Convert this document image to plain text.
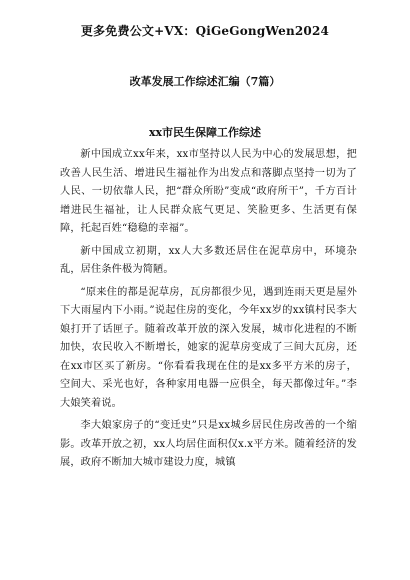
更多免费公文+VX：QiGeGongWen2024
改革发展工作综述汇编（7篇）
xx市民生保障工作综述

新中国成立xx年来，xx市坚持以人民为中心的发展思想，把改善人民生活、增进民生福祉作为出发点和落脚点坚持一切为了人民、一切依靠人民，把“群众所盼”变成“政府所干”，千方百计增进民生福祉，让人民群众底气更足、笑脸更多、生活更有保障，托起百姓“稳稳的幸福”。

新中国成立初期，xx人大多数还居住在泥草房中，环境杂乱，居住条件极为简陋。

“原来住的都是泥草房，瓦房都很少见，遇到连雨天更是屋外下大雨屋内下小雨。”说起住房的变化，今年xx岁的xx镇村民李大娘打开了话匣子。随着改革开放的深入发展，城市化进程的不断加快，农民收入不断增长，她家的泥草房变成了三间大瓦房，还在xx市区买了新房。“你看看我现在住的是xx多平方米的房子，空间大、采光也好，各种家用电器一应俱全，每天都像过年。”李大娘笑着说。

李大娘家房子的“变迁史”只是xx城乡居民住房改善的一个缩影。改革开放之初，xx人均居住面积仅x.x平方米。随着经济的发展，政府不断加大城市建设力度，城镇
